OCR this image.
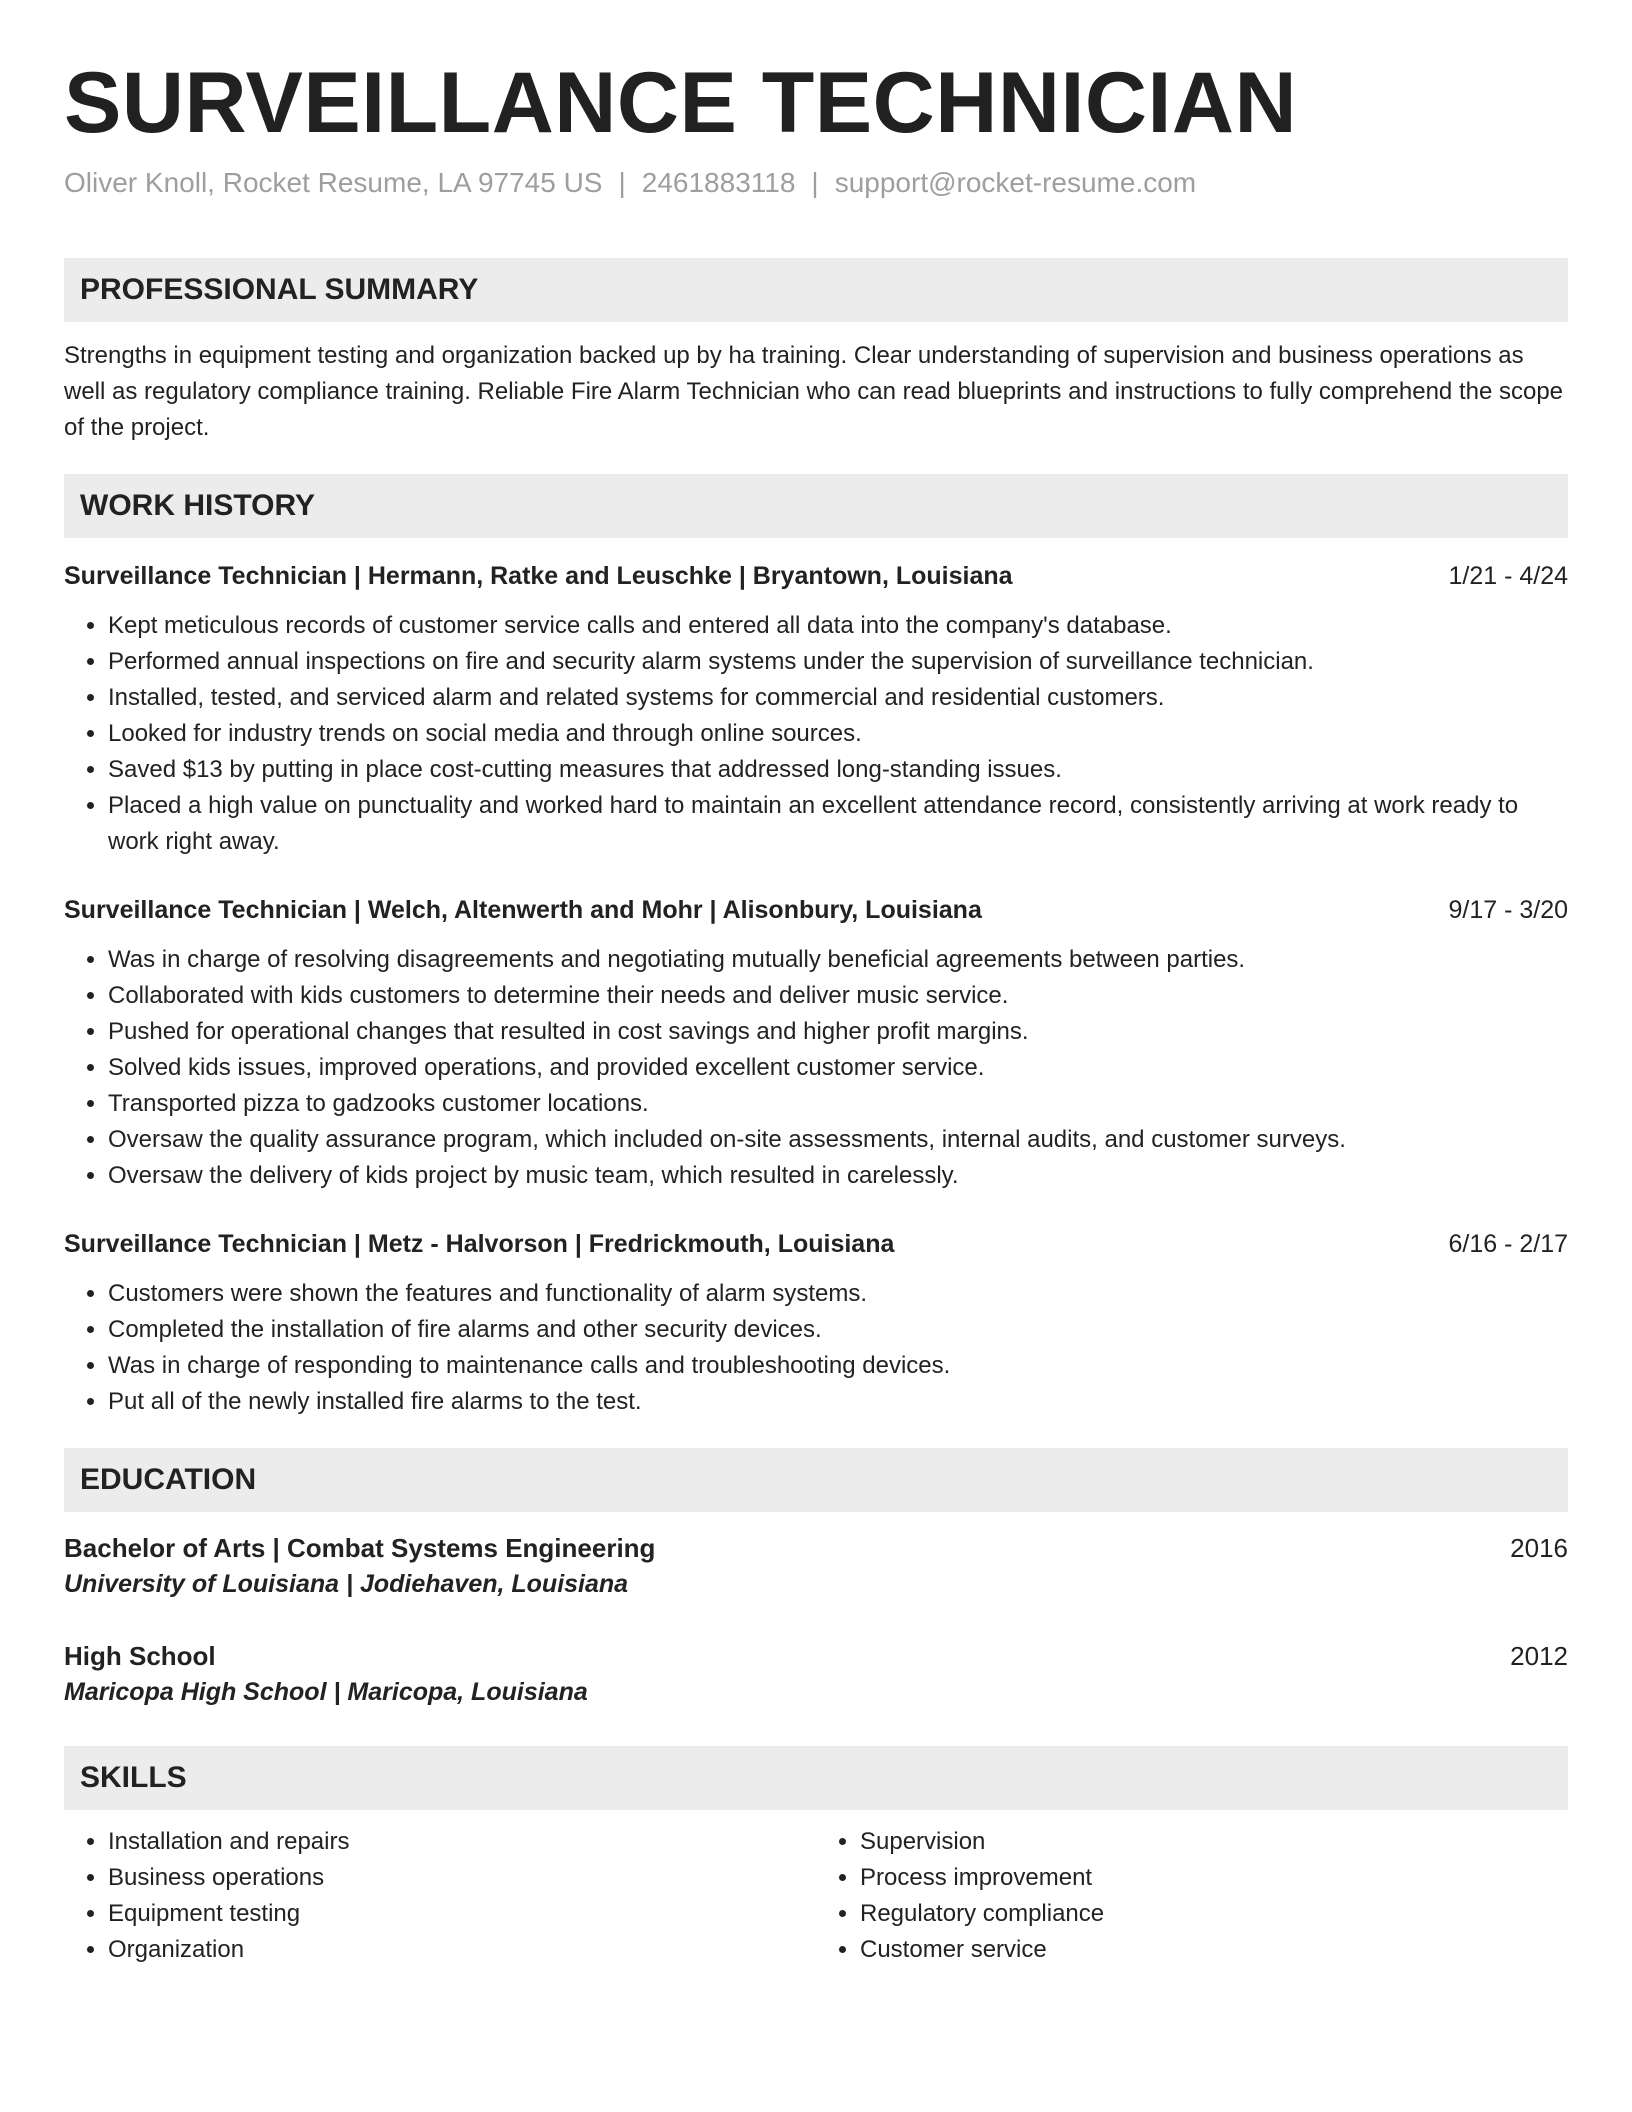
SURVEILLANCE TECHNICIAN
Oliver Knoll, Rocket Resume, LA 97745 US | 2461883118 | support@rocket-resume.com
PROFESSIONAL SUMMARY
Strengths in equipment testing and organization backed up by ha training. Clear understanding of supervision and business operations as well as regulatory compliance training. Reliable Fire Alarm Technician who can read blueprints and instructions to fully comprehend the scope of the project.
WORK HISTORY
Surveillance Technician | Hermann, Ratke and Leuschke | Bryantown, Louisiana	1/21 - 4/24
• Kept meticulous records of customer service calls and entered all data into the company's database.
• Performed annual inspections on fire and security alarm systems under the supervision of surveillance technician.
• Installed, tested, and serviced alarm and related systems for commercial and residential customers.
• Looked for industry trends on social media and through online sources.
• Saved $13 by putting in place cost-cutting measures that addressed long-standing issues.
• Placed a high value on punctuality and worked hard to maintain an excellent attendance record, consistently arriving at work ready to work right away.
Surveillance Technician | Welch, Altenwerth and Mohr | Alisonbury, Louisiana	9/17 - 3/20
• Was in charge of resolving disagreements and negotiating mutually beneficial agreements between parties.
• Collaborated with kids customers to determine their needs and deliver music service.
• Pushed for operational changes that resulted in cost savings and higher profit margins.
• Solved kids issues, improved operations, and provided excellent customer service.
• Transported pizza to gadzooks customer locations.
• Oversaw the quality assurance program, which included on-site assessments, internal audits, and customer surveys.
• Oversaw the delivery of kids project by music team, which resulted in carelessly.
Surveillance Technician | Metz - Halvorson | Fredrickmouth, Louisiana	6/16 - 2/17
• Customers were shown the features and functionality of alarm systems.
• Completed the installation of fire alarms and other security devices.
• Was in charge of responding to maintenance calls and troubleshooting devices.
• Put all of the newly installed fire alarms to the test.
EDUCATION
Bachelor of Arts | Combat Systems Engineering	2016
University of Louisiana | Jodiehaven, Louisiana
High School	2012
Maricopa High School | Maricopa, Louisiana
SKILLS
• Installation and repairs
• Business operations
• Equipment testing
• Organization
• Supervision
• Process improvement
• Regulatory compliance
• Customer service
